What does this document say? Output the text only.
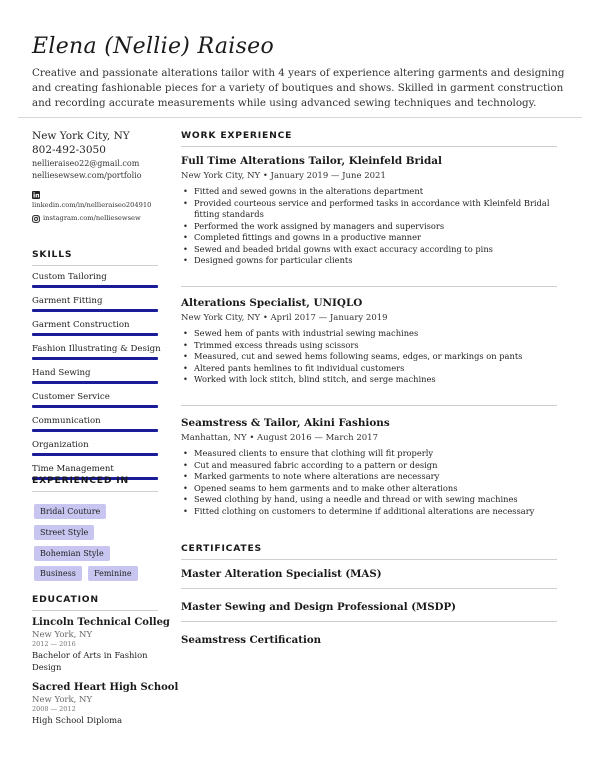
Elena (Nellie) Raiseo
Creative and passionate alterations tailor with 4 years of experience altering garments and designing and creating fashionable pieces for a variety of boutiques and shows. Skilled in garment construction and recording accurate measurements while using advanced sewing techniques and technology.

New York City, NY

802-492-3050

nellieraiseo22@gmail.com

nelliesewsew.com/portfolio

linkedin.com/in/nellieraiseo204910
instagram.com/nelliesewsew

SKILLS

Custom Tailoring
Garment Fitting
Garment Construction
Fashion Illustrating & Design
Hand Sewing
Customer Service
Communication
Organization
Time Management

EXPERIENCED IN

Bridal Couture
Street Style
Bohemian Style
Business	Feminine

EDUCATION

Lincoln Technical Colleg
New York, NY
2012 — 2016
Bachelor of Arts in Fashion Design
Sacred Heart High School
New York, NY
2008 — 2012
High School Diploma

WORK EXPERIENCE

Full Time Alterations Tailor, Kleinfeld Bridal
New York City, NY • January 2019 — June 2021
• Fitted and sewed gowns in the alterations department
• Provided courteous service and performed tasks in accordance with Kleinfeld Bridal fitting standards
• Performed the work assigned by managers and supervisors
• Completed fittings and gowns in a productive manner
• Sewed and beaded bridal gowns with exact accuracy according to pins
• Designed gowns for particular clients
Alterations Specialist, UNIQLO
New York City, NY • April 2017 — January 2019
• Sewed hem of pants with industrial sewing machines
• Trimmed excess threads using scissors
• Measured, cut and sewed hems following seams, edges, or markings on pants
• Altered pants hemlines to fit individual customers
• Worked with lock stitch, blind stitch, and serge machines
Seamstress & Tailor, Akini Fashions
Manhattan, NY • August 2016 — March 2017
• Measured clients to ensure that clothing will fit properly
• Cut and measured fabric according to a pattern or design
• Marked garments to note where alterations are necessary
• Opened seams to hem garments and to make other alterations
• Sewed clothing by hand, using a needle and thread or with sewing machines
• Fitted clothing on customers to determine if additional alterations are necessary

CERTIFICATES

Master Alteration Specialist (MAS)
Master Sewing and Design Professional (MSDP)
Seamstress Certification
